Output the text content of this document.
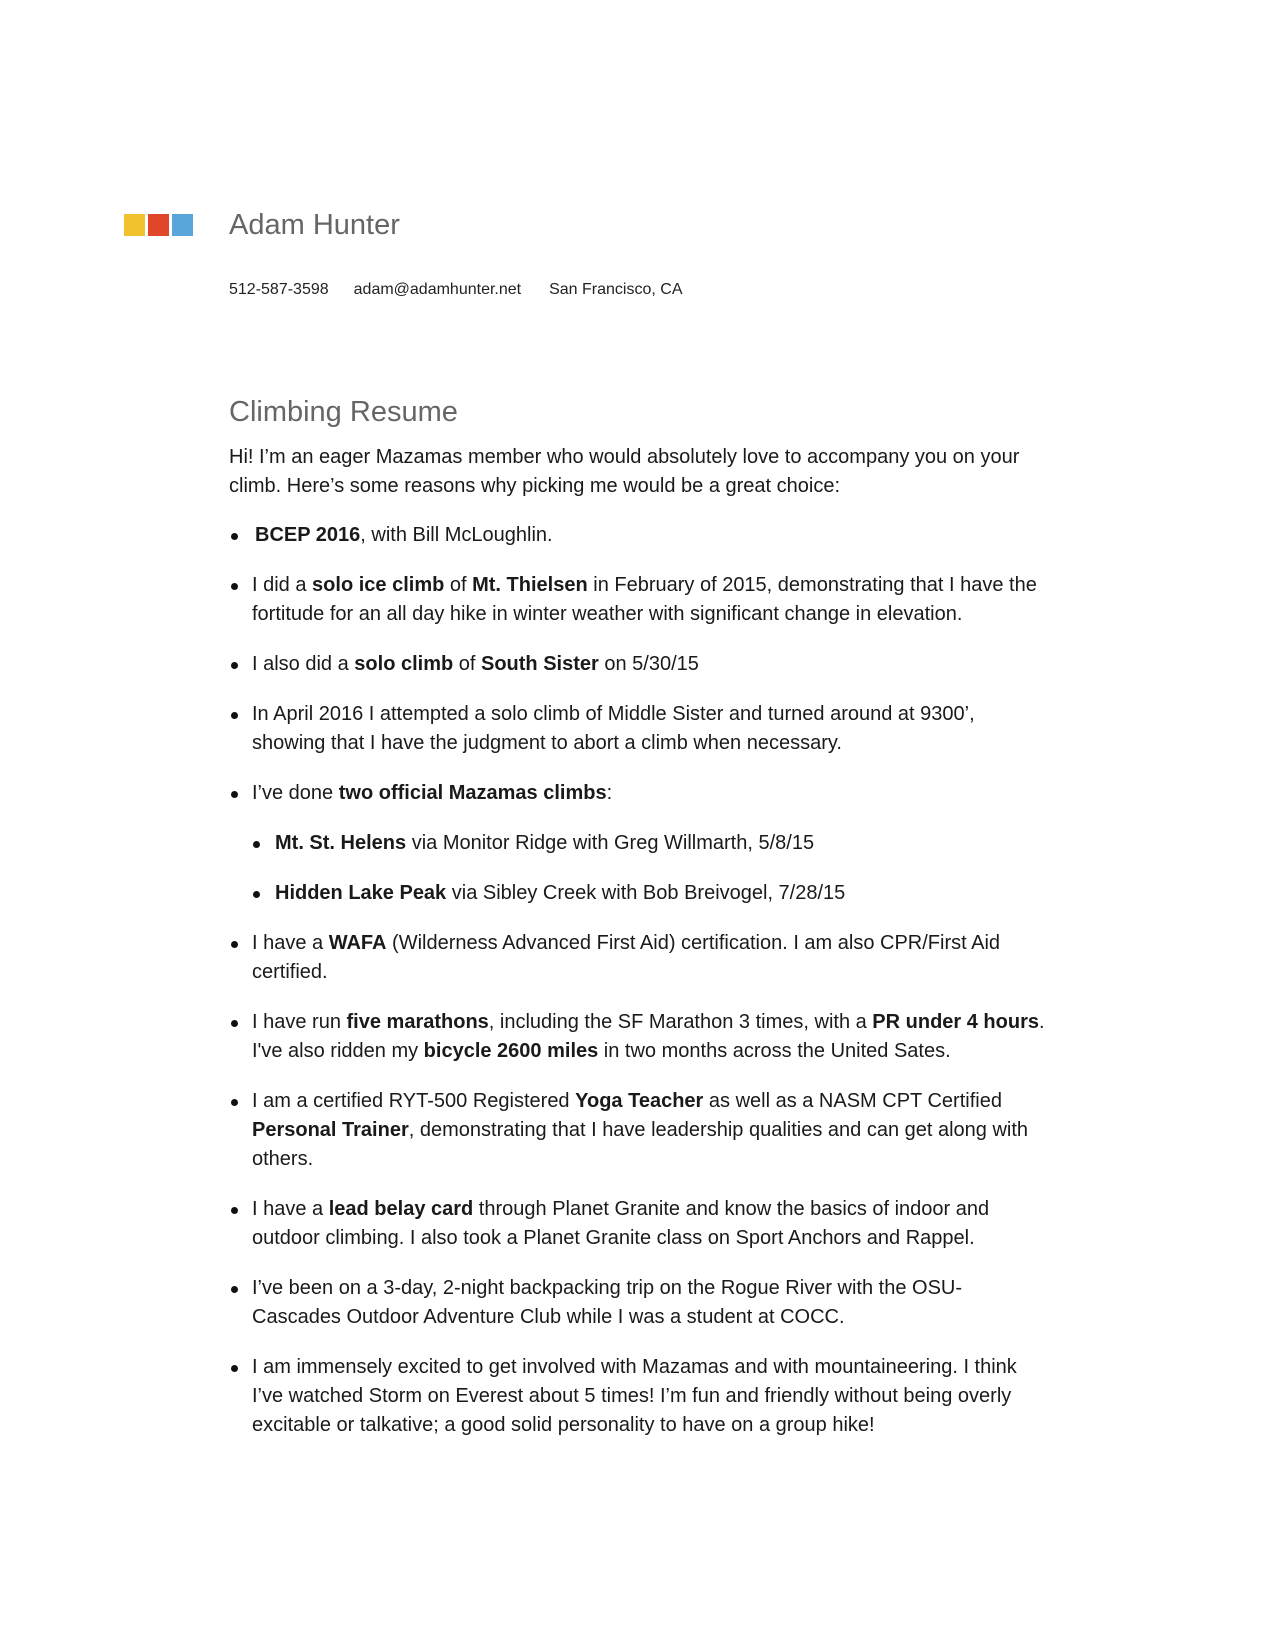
Adam Hunter
512-587-3598 adam@adamhunter.net San Francisco, CA
Climbing Resume

Hi! I’m an eager Mazamas member who would absolutely love to accompany you on your
climb. Here’s some reasons why picking me would be a great choice:

BCEP 2016, with Bill McLoughlin.
I did a solo ice climb of Mt. Thielsen in February of 2015, demonstrating that I have the
fortitude for an all day hike in winter weather with significant change in elevation.
I also did a solo climb of South Sister on 5/30/15
In April 2016 I attempted a solo climb of Middle Sister and turned around at 9300’,
showing that I have the judgment to abort a climb when necessary.
I’ve done two official Mazamas climbs:
Mt. St. Helens via Monitor Ridge with Greg Willmarth, 5/8/15
Hidden Lake Peak via Sibley Creek with Bob Breivogel, 7/28/15
I have a WAFA (Wilderness Advanced First Aid) certification. I am also CPR/First Aid
certified.
I have run five marathons, including the SF Marathon 3 times, with a PR under 4 hours.
I've also ridden my bicycle 2600 miles in two months across the United Sates.
I am a certified RYT-500 Registered Yoga Teacher as well as a NASM CPT Certified
Personal Trainer, demonstrating that I have leadership qualities and can get along with
others.
I have a lead belay card through Planet Granite and know the basics of indoor and
outdoor climbing. I also took a Planet Granite class on Sport Anchors and Rappel.
I’ve been on a 3-day, 2-night backpacking trip on the Rogue River with the OSU-
Cascades Outdoor Adventure Club while I was a student at COCC.
I am immensely excited to get involved with Mazamas and with mountaineering. I think
I’ve watched Storm on Everest about 5 times! I’m fun and friendly without being overly
excitable or talkative; a good solid personality to have on a group hike!
